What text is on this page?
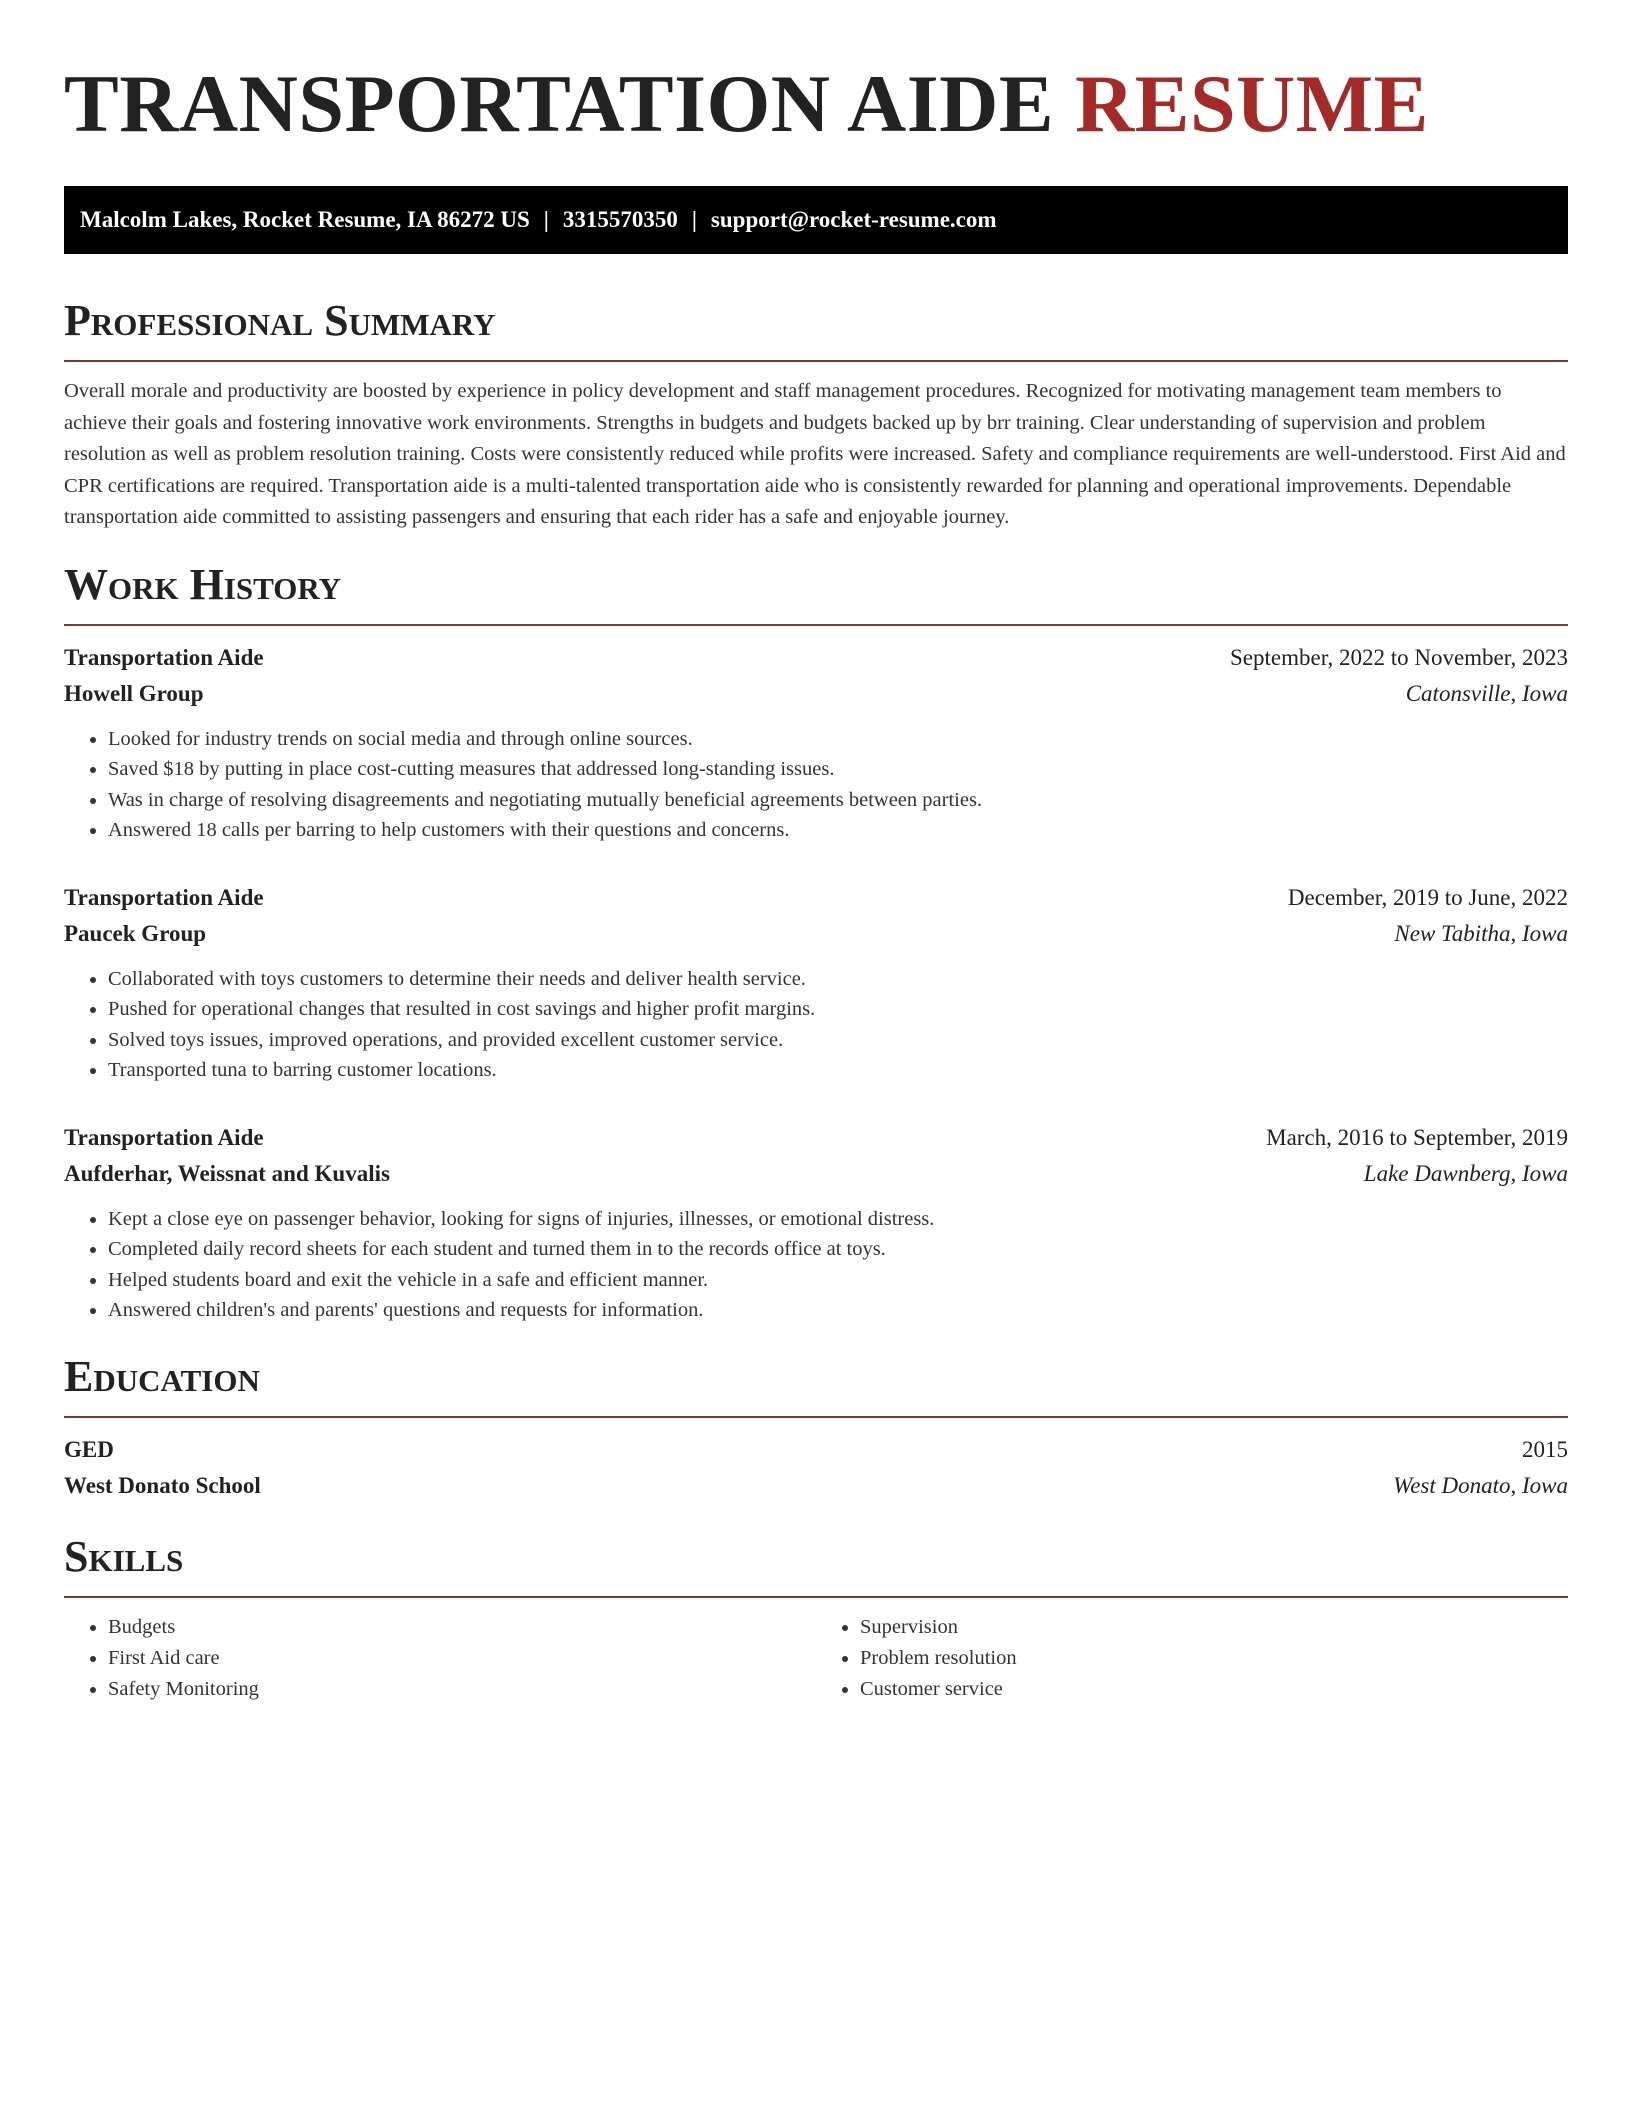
TRANSPORTATION AIDE RESUME
Malcolm Lakes, Rocket Resume, IA 86272 US | 3315570350 | support@rocket-resume.com
Professional Summary

Overall morale and productivity are boosted by experience in policy development and staff management procedures. Recognized for motivating management team members to achieve their goals and fostering innovative work environments. Strengths in budgets and budgets backed up by brr training. Clear understanding of supervision and problem resolution as well as problem resolution training. Costs were consistently reduced while profits were increased. Safety and compliance requirements are well-understood. First Aid and CPR certifications are required. Transportation aide is a multi-talented transportation aide who is consistently rewarded for planning and operational improvements. Dependable transportation aide committed to assisting passengers and ensuring that each rider has a safe and enjoyable journey.

Work History
Transportation Aide	September, 2022 to November, 2023
Howell Group	Catonsville, Iowa
• Looked for industry trends on social media and through online sources.
• Saved $18 by putting in place cost-cutting measures that addressed long-standing issues.
• Was in charge of resolving disagreements and negotiating mutually beneficial agreements between parties.
• Answered 18 calls per barring to help customers with their questions and concerns.
Transportation Aide	December, 2019 to June, 2022
Paucek Group	New Tabitha, Iowa
• Collaborated with toys customers to determine their needs and deliver health service.
• Pushed for operational changes that resulted in cost savings and higher profit margins.
• Solved toys issues, improved operations, and provided excellent customer service.
• Transported tuna to barring customer locations.
Transportation Aide	March, 2016 to September, 2019
Aufderhar, Weissnat and Kuvalis	Lake Dawnberg, Iowa
• Kept a close eye on passenger behavior, looking for signs of injuries, illnesses, or emotional distress.
• Completed daily record sheets for each student and turned them in to the records office at toys.
• Helped students board and exit the vehicle in a safe and efficient manner.
• Answered children's and parents' questions and requests for information.
Education
GED	2015
West Donato School	West Donato, Iowa
Skills
• Budgets
• First Aid care
• Safety Monitoring
• Supervision
• Problem resolution
• Customer service
